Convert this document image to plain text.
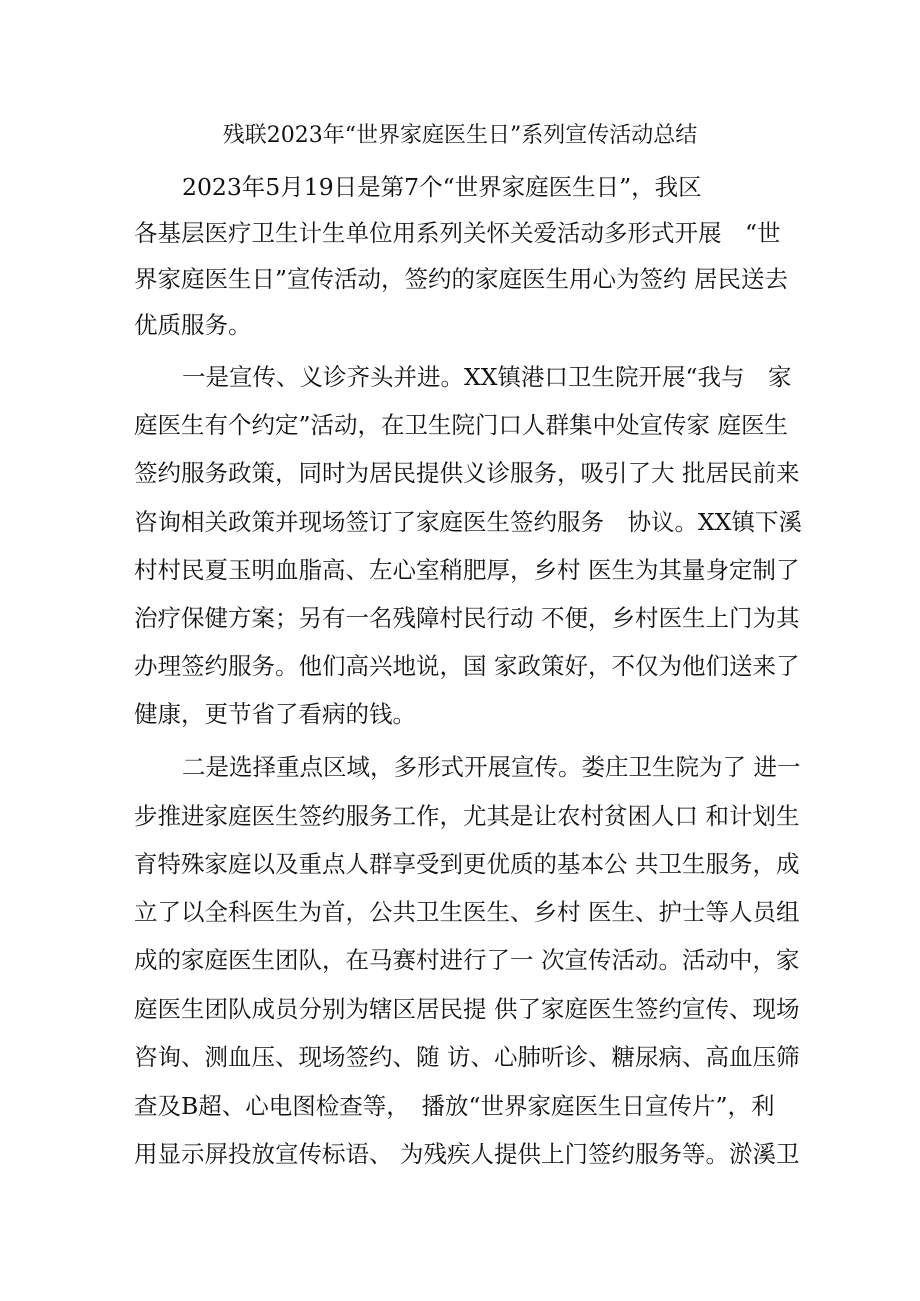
残联2023年“世界家庭医生日”系列宣传活动总结
2023年5月19日是第7个“世界家庭医生日”，我区
各基层医疗卫生计生单位用系列关怀关爱活动多形式开展　“世
界家庭医生日”宣传活动，签约的家庭医生用心为签约 居民送去
优质服务。
一是宣传、义诊齐头并进。XX镇港口卫生院开展“我与　家
庭医生有个约定”活动，在卫生院门口人群集中处宣传家 庭医生
签约服务政策，同时为居民提供义诊服务，吸引了大 批居民前来
咨询相关政策并现场签订了家庭医生签约服务　协议。XX镇下溪
村村民夏玉明血脂高、左心室稍肥厚，乡村 医生为其量身定制了
治疗保健方案；另有一名残障村民行动 不便，乡村医生上门为其
办理签约服务。他们高兴地说，国 家政策好，不仅为他们送来了
健康，更节省了看病的钱。
二是选择重点区域，多形式开展宣传。娄庄卫生院为了 进一
步推进家庭医生签约服务工作，尤其是让农村贫困人口 和计划生
育特殊家庭以及重点人群享受到更优质的基本公 共卫生服务，成
立了以全科医生为首，公共卫生医生、乡村 医生、护士等人员组
成的家庭医生团队，在马赛村进行了一 次宣传活动。活动中，家
庭医生团队成员分别为辖区居民提 供了家庭医生签约宣传、现场
咨询、测血压、现场签约、随 访、心肺听诊、糖尿病、高血压筛
查及B超、心电图检查等，　播放“世界家庭医生日宣传片”，利
用显示屏投放宣传标语、 为残疾人提供上门签约服务等。淤溪卫
